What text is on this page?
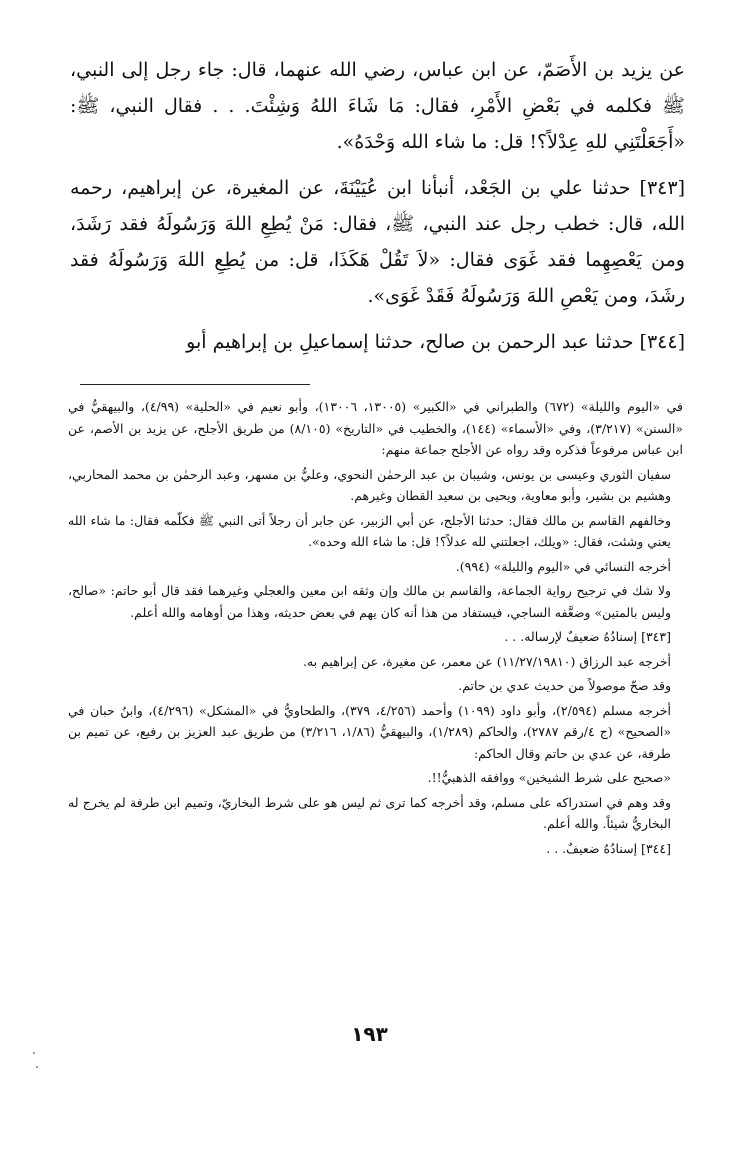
عن يزيد بن الأَصَمّ، عن ابن عباس، رضي الله عنهما، قال: جاء رجل إلى النبي، ﷺ فكلمه في بَعْضِ الأَمْرِ، فقال: مَا شَاءَ اللهُ وَشِئْتَ. . . فقال النبي، ﷺ: «أَجَعَلْتَنِي للهِ عِدْلاً؟! قل: ما شاء الله وَحْدَهُ».

[٣٤٣] حدثنا علي بن الجَعْد، أنبأنا ابن عُيَيْنَةَ، عن المغيرة، عن إبراهيم، رحمه الله، قال: خطب رجل عند النبي، ﷺ، فقال: مَنْ يُطِعِ اللهَ وَرَسُولَهُ فقد رَشَدَ، ومن يَعْصِهِما فقد غَوَى فقال: «لاَ تَقُلْ هَكَذَا، قل: من يُطِعِ اللهَ وَرَسُولَهُ فقد رشَدَ، ومن يَعْصِ اللهَ وَرَسُولَهُ فَقَدْ غَوَى».

[٣٤٤] حدثنا عبد الرحمن بن صالح، حدثنا إسماعيلِ بن إبراهيم أبو

في «اليوم والليلة» (٦٧٢) والطبراني في «الكبير» (١٣٠٠٥، ١٣٠٠٦)، وأبو نعيم في «الحلية» (٤/٩٩)، والبيهقيُّ في «السنن» (٣/٢١٧)، وفي «الأسماء» (١٤٤)، والخطيب في «التاريخ» (٨/١٠٥) من طريق الأجلح، عن يزيد بن الأصم، عن ابن عباس مرفوعاً فذكره وقد رواه عن الأجلح جماعة منهم:

سفيان الثوري وعيسى بن يونس، وشيبان بن عبد الرحمٰن النحوي، وعليُّ بن مسهر، وعبد الرحمٰن بن محمد المحاربي، وهشيم بن بشير، وأبو معاوية، ويحيى بن سعيد القطان وغيرهم.

وخالفهم القاسم بن مالك فقال: حدثنا الأجلح، عن أبي الزبير، عن جابر أن رجلاً أتى النبي ﷺ فكلّمه فقال: ما شاء الله يعني وشئت، فقال: «ويلك، اجعلتني لله عدلاً؟! قل: ما شاء الله وحده».

أخرجه النسائي في «اليوم والليلة» (٩٩٤).

ولا شك في ترجيح رواية الجماعة، والقاسم بن مالك وإن وثقه ابن معين والعجلي وغيرهما فقد قال أبو حاتم: «صالح، وليس بالمتين» وضعَّفه الساجي، فيستفاد من هذا أنه كان يهم في بعض حديثه، وهذا من أوهامه والله أعلم.

[٣٤٣] إسنادُهُ ضعيفٌ لإرساله. . .

أخرجه عبد الرزاق (١١/٢٧/١٩٨١٠) عن معمر، عن مغيرة، عن إبراهيم به.

وقد صحّ موصولاً من حديث عدي بن حاتم.

أخرجه مسلم (٢/٥٩٤)، وأبو داود (١٠٩٩) وأحمد (٤/٢٥٦، ٣٧٩)، والطحاويُّ في «المشكل» (٤/٢٩٦)، وابنُ حبان في «الصحيح» (ج ٤/رقم ٢٧٨٧)، والحاكم (١/٢٨٩)، والبيهقيُّ (١/٨٦، ٣/٢١٦) من طريق عبد العزيز بن رفيع، عن تميم بن طرفة، عن عدي بن حاتم وقال الحاكم:

«صحيح على شرط الشيخين» ووافقه الذهبيُّ!!.

وقد وهم في استدراكه على مسلم، وقد أخرجه كما ترى ثم ليس هو على شرط البخاريّ، وتميم ابن طرفة لم يخرج له البخاريُّ شيئاً. والله أعلم.

[٣٤٤] إسنادُهُ ضعيفٌ. . .

١٩٣
